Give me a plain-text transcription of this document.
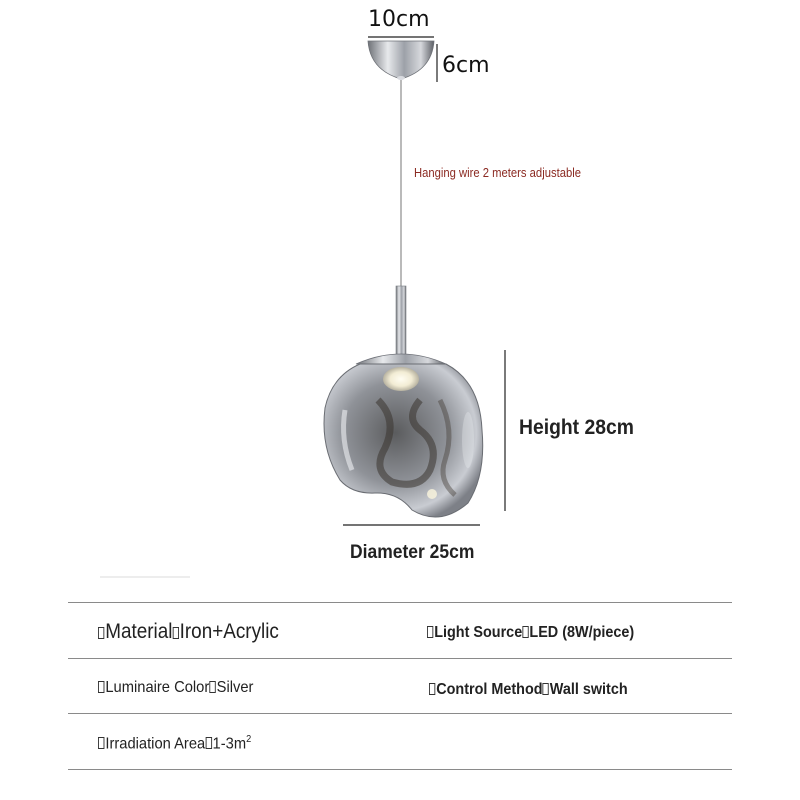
10cm
6cm
Hanging wire 2 meters adjustable
Height 28cm
Diameter 25cm
Material Iron+Acrylic	Light Source LED (8W/piece)
Luminaire Color Silver	Control Method Wall switch
Irradiation Area $1-3m^2$
